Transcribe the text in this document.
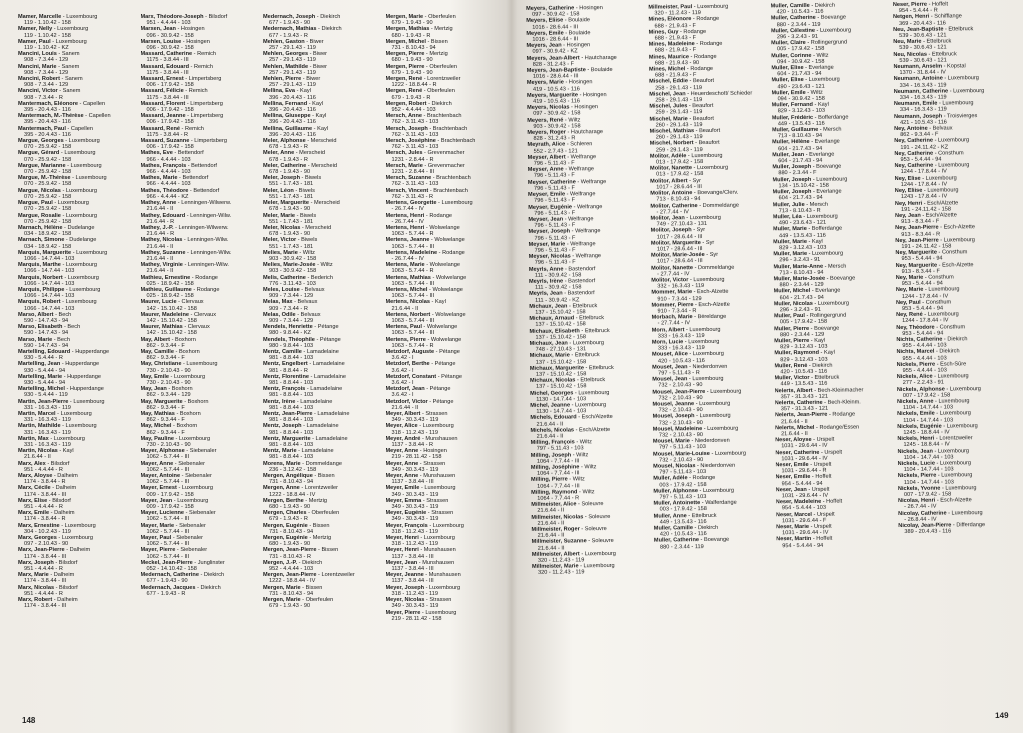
Mamer, Marcelle - Luxembourg
119 - 1.10.42 - 158
Mamer, Nelly - Luxembourg
119 - 1.10.42 - 158
Mamer, Paul - Luxembourg
119 - 1.10.42 - KZ
Mancini, Louis - Sanem
908 - 7.3.44 - 129
Mancini, Marie - Sanem
908 - 7.3.44 - 129
Mancini, Robert - Sanem
908 - 7.3.44 - 129
Mancini, Victor - Sanem
908 - 7.3.44 - R
Mantermach, Eléonore - Capellen
395 - 20.4.43 - 116
Mantermach, M.-Thérèse - Capellen
395 - 20.4.43 - 116
Mantermach, Paul - Capellen
395 - 20.4.43 - 116
Margue, Georges - Luxembourg
070 - 25.9.42 - 158
Margue, Gérard - Luxembourg
070 - 25.9.42 - 158
Margue, Marianne - Luxembourg
070 - 25.9.42 - 158
Margue, M.-Thérèse - Luxembourg
070 - 25.9.42 - 158
Margue, Nicolas - Luxembourg
070 - 25.9.42 - 158
Margue, Paul - Luxembourg
070 - 25.9.42 - 158
Margue, Rosalie - Luxembourg
070 - 25.9.42 - 158
Marnach, Hélène - Dudelange
034 - 18.9.42 - 158
Marnach, Simone - Dudelange
034 - 18.9.42 - 158
Marquis, Marguerite - Luxembourg
1066 - 14.7.44 - 103
Marquis, Marthe - Luxembourg
1066 - 14.7.44 - 103
Marquis, Norbert - Luxembourg
1066 - 14.7.44 - 103
Marquis, Philippe - Luxembourg
1066 - 14.7.44 - 103
Marquis, Robert - Luxembourg
1066 - 14.7.44 - 103
Marso, Albert - Bech
590 - 14.7.43 - 94
Marso, Elisabeth - Bech
590 - 14.7.43 - 94
Marso, Marie - Bech
590 - 14.7.43 - 94
Martelling, Edouard - Hupperdange
930 - 5.4.44 - R
Martelling, Jean - Hupperdange
930 - 5.4.44 - 94
Martelling, Marie - Hupperdange
930 - 5.4.44 - 94
Martelling, Michel - Hupperdange
930 - 5.4.44 - 119
Martin, Jean-Pierre - Luxembourg
331 - 16.3.43 - 119
Martin, Marcel - Luxembourg
331 - 16.3.43 - 119
Martin, Mathilde - Luxembourg
331 - 16.3.43 - 119
Martin, Max - Luxembourg
331 - 16.3.43 - 119
Martin, Nicolas - Kayl
21.6.44 - II
Marx, Alex - Bilsdorf
951 - 4.4.44 - R
Marx, Aloyse - Dalheim
1174 - 3.8.44 - R
Marx, Cécile - Dalheim
1174 - 3.8.44 - III
Marx, Elise - Bilsdorf
951 - 4.4.44 - R
Marx, Emile - Dalheim
1174 - 3.8.44 - R
Marx, Ernestine - Luxembourg
304 - 10.2.43 - 119
Marx, Georges - Luxembourg
097 - 2.10.43 - 90
Marx, Jean-Pierre - Dalheim
1174 - 3.8.44 - III
Marx, Joseph - Bilsdorf
951 - 4.4.44 - R
Marx, Marie - Dalheim
1174 - 3.8.44 - III
Marx, Nicolas - Bilsdorf
951 - 4.4.44 - R
Marx, Robert - Dalheim
1174 - 3.8.44 - III
Marx, Théodore-Joseph - Bilsdorf
951 - 4.4.44 - 103
Marxen, Jean - Hosingen
096 - 30.9.42 - 158
Marxen, Louise - Hosingen
096 - 30.9.42 - 158
Massard, Catherine - Remich
1175 - 3.8.44 - III
Massard, Edouard - Remich
1175 - 3.8.44 - III
Massard, Ernest - Limpertsberg
006 - 17.9.42 - 158
Massard, Félicie - Remich
1175 - 3.8.44 - III
Massard, Florent - Limpertsberg
006 - 17.9.42 - 158
Massard, Jeanne - Limpertsberg
006 - 17.9.42 - 158
Massard, René - Remich
1175 - 3.8.44 - R
Massard, Suzanne - Limpertsberg
006 - 17.9.42 - 158
Mathes, Eve - Bettendorf
966 - 4.4.44 - 103
Mathes, François - Bettendorf
966 - 4.4.44 - 103
Mathes, Marie - Bettendorf
966 - 4.4.44 - 103
Mathes, Théodore - Bettendorf
966 - 4.4.44 - KZ
Mathey, Anne - Lenningen-Wilwerw.
21.6.44 - II
Mathey, Edouard - Lenningen-Wilw.
21.6.44 - R
Mathey, J.-P. - Lenningen-Wilwerw.
21.6.44 - R
Mathey, Nicolas - Lenningen-Wilw.
21.6.44 - II
Mathey, Suzanne - Lenningen-Wilw.
21.6.44 - II
Mathey, Virginie - Lenningen-Wilw.
21.6.44 - II
Mathieu, Ernestine - Rodange
025 - 18.9.42 - 158
Mathieu, Guillaume - Rodange
025 - 18.9.42 - 158
Maurer, Lucie - Clervaux
142 - 15.10.42 - 158
Maurer, Madeleine - Clervaux
142 - 15.10.42 - 158
Maurer, Mathias - Clervaux
142 - 15.10.42 - 158
May, Albert - Boxhorn
862 - 9.3.44 - F
May, Camille - Boxhorn
862 - 9.3.44 - F
May, Christiane - Luxembourg
730 - 2.10.43 - 90
May, Emile - Luxembourg
730 - 2.10.43 - 90
May, Jean - Boxhorn
862 - 9.3.44 - 129
May, Marguerite - Boxhorn
862 - 9.3.44 - F
May, Mathias - Boxhorn
862 - 9.3.44 - F
May, Michel - Boxhorn
862 - 9.3.44 - F
May, Pauline - Luxembourg
730 - 2.10.43 - 90
Mayer, Alphonse - Siebenaler
1062 - 5.7.44 - III
Mayer, Anne - Siebenaler
1062 - 5.7.44 - III
Mayer, Antoine - Siebenaler
1062 - 5.7.44 - III
Mayer, Ernest - Luxembourg
009 - 17.9.42 - 158
Mayer, Jean - Luxembourg
009 - 17.9.42 - 158
Mayer, Lucienne - Siebenaler
1062 - 5.7.44 - III
Mayer, Marie - Siebenaler
1062 - 5.7.44 - III
Mayer, Paul - Siebenaler
1062 - 5.7.44 - III
Mayer, Pierre - Siebenaler
1062 - 5.7.44 - III
Meckel, Jean-Pierre - Junglinster
052 - 14.10.42 - 158
Medernach, Catherine - Diekirch
677 - 1.9.43 - 90
Medernach, Jacques - Diekirch
677 - 1.9.43 - R
Medernach, Joseph - Diekirch
677 - 1.9.43 - 90
Medernach, Mathias - Diekirch
677 - 1.9.43 - R
Mehlen, Gaston - Biwer
257 - 29.1.43 - 119
Mehlen, Georges - Biwer
257 - 29.1.43 - 119
Mehlen, Mathilde - Biwer
257 - 29.1.43 - 119
Mehlen, Pierre - Biwer
257 - 29.1.43 - 119
Mellina, Eva - Kayl
396 - 20.4.43 - 116
Mellina, Fernand - Kayl
396 - 20.4.43 - 116
Mellina, Giuseppe - Kayl
396 - 20.4.43 - 116
Mellina, Guillaume - Kayl
396 - 20.4.43 - 116
Meler, Alphonse - Merscheid
678 - 1.9.43 - R
Meler, Anne - Merscheid
678 - 1.9.43 - R
Meler, Catherine - Merscheid
678 - 1.9.43 - 90
Meler, Joseph - Biwels
551 - 1.7.43 - 181
Meler, Léon - Biwels
551 - 1.7.43 - 181
Meler, Marguerite - Merscheid
678 - 1.9.43 - 90
Meler, Marie - Biwels
551 - 1.7.43 - 181
Meler, Nicolas - Merscheid
678 - 1.9.43 - 90
Meler, Victor - Biwels
551 - 1.7.43 - 181
Melies, Marie - Wiltz
903 - 30.9.42 - 158
Melies, Marie-Josée - Wiltz
903 - 30.9.42 - 158
Melis, Catherine - Bederich
776 - 3.11.43 - 103
Meles, Louise - Belvaux
909 - 7.3.44 - 129
Melas, Max - Belvaux
909 - 7.3.44 - R
Melas, Odile - Belvaux
909 - 7.3.44 - 129
Mendels, Henriette - Pétange
980 - 9.8.44 - KZ
Mendels, Théophile - Pétange
980 - 9.8.44 - 103
Mentz, Camille - Lamadelaine
981 - 8.8.44 - 103
Mentz, Engelbert - Lamadelaine
981 - 8.8.44 - R
Mentz, Florentine - Lamadelaine
981 - 8.8.44 - 103
Mentz, François - Lamadelaine
981 - 8.8.44 - 103
Mentz, Irène - Lamadelaine
981 - 8.8.44 - 103
Mentz, Jean-Pierre - Lamadelaine
981 - 8.8.44 - 103
Mentz, Joseph - Lamadelaine
981 - 8.8.44 - 103
Mentz, Marguerite - Lamadelaine
981 - 8.8.44 - 103
Mentz, Marie - Lamadelaine
981 - 8.8.44 - 103
Morens, Marie - Dommeldange
236 - 3.12.42 - 158
Mergen, Angélique - Bissen
731 - 8.10.43 - 94
Mergen, Anne - Lorentzweiler
1222 - 18.8.44 - IV
Mergen, Berthe - Mertzig
680 - 1.9.43 - 90
Mergen, Charles - Oberfeulen
679 - 1.9.43 - R
Mergen, Eugénie - Bissen
731 - 8.10.43 - 94
Mergen, Eugénie - Mertzig
680 - 1.9.43 - 90
Mergen, Jean-Pierre - Bissen
731 - 8.10.43 - R
Mergen, J.-P. - Diekirch
952 - 4.4.44 - 103
Mergen, Jean-Pierre - Lorentzweiler
1222 - 18.8.44 - IV
Mergen, Marie - Bissen
731 - 8.10.43 - 94
Mergen, Marie - Oberfeulen
679 - 1.9.43 - 90
Mergen, Marie - Oberfeulen
679 - 1.9.43 - 90
Mergen, Mathias - Mertzig
680 - 1.9.43 - R
Mergen, Michel - Bissen
731 - 8.10.43 - 94
Mergen, Pierre - Mertzig
680 - 1.9.43 - 90
Mergen, Pierre - Oberfeulen
679 - 1.9.43 - 90
Mergen, René - Lorentzweiler
1222 - 18.8.44 - R
Mergen, René - Oberfeulen
679 - 1.9.43 - R
Mergen, Robert - Diekirch
952 - 4.4.44 - 103
Mersch, Anne - Brachtenbach
762 - 3.11.43 - 103
Mersch, Joseph - Brachtenbach
762 - 3.11.43 - 103
Mersch, Joséphine - Brachtenbach
762 - 3.11.43 - 103
Mersch, Jules - Grevenmacher
1231 - 2.8.44 - R
Mersch, Marie - Grevenmacher
1231 - 2.8.44 - III
Mersch, Suzanne - Brachtenbach
762 - 3.11.43 - 103
Mersch, Vincent - Brachtenbach
762 - 3.11.43 - R
Mertens, Georgette - Luxembourg
- 26.7.44 - IV
Mertens, Henri - Rodange
- 26.7.44 - IV
Mertens, Henri - Wolwelange
1063 - 5.7.44 - R
Mertens, Jeanne - Wolwelange
1063 - 5.7.44 - III
Mertens, Madeleine - Rodange
- 26.7.44 - IV
Mertens, Marie - Wolwelange
1063 - 5.7.44 - R
Mertens, Mathias - Wolwelange
1063 - 5.7.44 - III
Mertens, Michel - Wolwelange
1063 - 5.7.44 - III
Mertens, Nicolas - Kayl
21.6.44 - II
Mertens, Norbert - Wolwelange
1063 - 5.7.44 - III
Mertens, Paul - Wolwelange
1063 - 5.7.44 - III
Mertens, Pierre - Wolwelange
1063 - 5.7.44 - R
Metzdorf, Auguste - Pétange
3.6.42 - I
Metzdorf, Berthe - Pétange
3.6.42 - I
Metzdorf, Constant - Pétange
3.6.42 - I
Metzdorf, Jean - Pétange
3.6.42 - I
Metzdorf, Victor - Pétange
21.6.44 - II
Meyer, Albert - Strassen
349 - 30.3.43 - 119
Meyer, Alice - Luxembourg
318 - 11.2.43 - 119
Meyer, André - Munshausen
1137 - 3.8.44 - R
Meyer, Anne - Hosingen
219 - 28.11.42 - 158
Meyer, Anne - Strassen
349 - 30.3.43 - 119
Meyer, Anne - Munshausen
1137 - 3.8.44 - III
Meyer, Emile - Luxembourg
349 - 30.3.43 - 119
Meyer, Emma - Strassen
349 - 30.3.43 - 119
Meyer, Eugénie - Strassen
349 - 30.3.43 - 119
Meyer, François - Luxembourg
318 - 11.2.43 - 119
Meyer, Henri - Luxembourg
318 - 11.2.43 - 119
Meyer, Henri - Munshausen
1137 - 3.8.44 - III
Meyer, Jean - Munshausen
1137 - 3.8.44 - III
Meyer, Jeanne - Munshausen
1137 - 3.8.44 - III
Meyer, Joseph - Luxembourg
318 - 11.2.43 - 119
Meyer, Nicolas - Strassen
349 - 30.3.43 - 119
Meyer, Pierre - Luxembourg
219 - 28.11.42 - 158
148
Meyers, Catherine - Hosingen
097 - 30.9.42 - 158
Meyers, Eliise - Boulaide
1016 - 28.6.44 - III
Meyers, Emile - Boulaide
1016 - 28.6.44 - III
Meyers, Jean - Hosingen
097 - 30.9.42 - KZ
Meyers, Jean-Albert - Hautcharage
828 - 31.2.43 - F
Meyers, Jean-Baptiste - Boulaide
1016 - 28.6.44 - III
Meyers, Marie - Hosingen
419 - 10.5.43 - 116
Meyers, Marguerite - Hosingen
419 - 10.5.43 - 116
Meyers, Nicolas - Hosingen
097 - 30.9.42 - 158
Meyers, René - Wiltz
903 - 30.9.42 - 158
Meyers, Roger - Hautcharage
828 - 31.2.43 - R
Meyrath, Alice - Schleren
552 - 2.7.43 - 121
Meyser, Albert - Welfrange
796 - 5.11.43 - F
Meyser, Anne - Welfrange
796 - 5.11.43 - F
Meyser, Catherine - Welfrange
796 - 5.11.43 - F
Meyser, Emile - Welfrange
796 - 5.11.43 - F
Meyser, Eugénie - Welfrange
796 - 5.11.43 - F
Meyser, Jean - Welfrange
796 - 5.11.43 - F
Meyser, Joseph - Welfrange
796 - 5.11.43 - F
Meyser, Marie - Welfrange
796 - 5.11.43 - F
Meyser, Nicolas - Welfrange
796 - 5.11.43 - F
Meyrls, Anne - Bastendorf
111 - 30.9.42 - 158
Meyrls, Irène - Bastendorf
111 - 30.9.42 - 158
Meyrls, Jean - Bastendorf
111 - 30.9.42 - KZ
Michaux, Jean - Ettelbruck
137 - 15.10.42 - 158
Michaux, Arnaud - Ettelbruck
137 - 15.10.42 - 158
Michaux, Elisabeth - Ettelbruck
137 - 15.10.42 - 158
Michaux, Jean - Luxembourg
748 - 27.10.43 - 131
Michaux, Marie - Ettelbruck
137 - 15.10.42 - 158
Michaux, Marguerite - Ettelbruck
137 - 15.10.42 - 158
Michaux, Nicolas - Ettelbruck
137 - 15.10.42 - 158
Michel, Georges - Luxembourg
1130 - 14.7.44 - 103
Michel, Jeanne - Luxembourg
1130 - 14.7.44 - 103
Michels, Edouard - Esch/Alzette
21.6.44 - II
Michels, Nicolas - Esch/Alzette
21.6.44 - II
Milling, François - Wiltz
797 - 5.11.43 - 103
Milling, Joseph - Wiltz
1064 - 7.7.44 - III
Milling, Joséphine - Wiltz
1064 - 7.7.44 - III
Milling, Pierre - Wiltz
1064 - 7.7.44 - III
Milling, Raymond - Wiltz
1064 - 7.7.44 - R
Millmeister, Alice - Soleuvre
21.6.44 - II
Millmeister, Nicolas - Soleuvre
21.6.44 - II
Millmeister, Roger - Soleuvre
21.6.44 - II
Millmeister, Suzanne - Soleuvre
21.6.44 - II
Millmeister, Albert - Luxembourg
320 - 11.2.43 - 119
Millmeister, Marie - Luxembourg
320 - 11.2.43 - 119
Millmeister, Paul - Luxembourg
320 - 11.2.43 - 119
Mines, Eléonore - Rodange
688 - 21.9.43 - F
Mines, Guy - Rodange
688 - 21.9.43 - F
Mines, Madeleine - Rodange
688 - 21.9.43 - F
Mines, Maurice - Rodange
688 - 21.9.43 - 90
Mines, Michel - Rodange
688 - 21.9.43 - F
Mischel, Eddie - Beaufort
258 - 29.1.43 - 119
Mischel, Jean - Heuerdeschott/ Schieder
258 - 29.1.43 - 119
Mischel, Jules - Beaufort
259 - 29.1.43 - 119
Mischel, Marie - Beaufort
260 - 29.1.43 - 119
Mischel, Mathias - Beaufort
260 - 29.1.43 - 119
Mischel, Norbert - Beaufort
259 - 29.1.43 - 119
Molitor, Adèle - Luxembourg
013 - 17.9.42 - 158
Molitor, Nanette - Luxembourg
013 - 17.9.42 - 158
Molitor, Albert - Syr
1017 - 28.6.44 - III
Molitor, Antoine - Boevange/Clerv.
713 - 8.10.43 - 94
Molitor, Catherine - Dommeldange
- 27.7.44 - IV
Molitor, Jean - Luxembourg
749 - 27.10.43 - 131
Molitor, Joseph - Syr
1017 - 28.6.44 - III
Molitor, Marguerite - Syr
1017 - 28.6.44 - III
Molitor, Marie-Josée - Syr
1017 - 28.6.44 - III
Molitor, Nanette - Dommeldange
- 27.7.44 - IV
Molitor, Victor - Luxembourg
332 - 16.3.43 - 119
Mommer, Marie - Esch-Alzette
910 - 7.3.44 - 129
Mommer, Pierre - Esch-Alzette
910 - 7.3.44 - R
Morbach, Marie - Béreldange
- 27.7.44 - IV
Morn, Albert - Luxembourg
333 - 16.3.43 - 119
Morn, Lucie - Luxembourg
333 - 16.3.43 - 119
Mouset, Alice - Luxembourg
420 - 10.5.43 - 116
Mouset, Jean - Niederdonven
797 - 5.11.43 - R
Mousel, Jean - Luxembourg
732 - 2.10.43 - 90
Mousel, Jean-Pierre - Luxembourg
732 - 2.10.43 - 90
Mousel, Jeanne - Luxembourg
732 - 2.10.43 - 90
Mousel, Joseph - Luxembourg
732 - 2.10.43 - 90
Mousel, Madeleine - Luxembourg
732 - 2.10.43 - 90
Mousel, Marie - Niederdonven
797 - 5.11.43 - 103
Mousel, Marie-Louise - Luxembourg
732 - 2.10.43 - 90
Mousel, Nicolas - Niederdonven
797 - 5.11.43 - 103
Muller, Adèle - Rodange
003 - 17.9.42 - 158
Muller, Alphonse - Luxembourg
797 - 5.11.43 - 103
Muller, Antoinette - Walferdange
003 - 17.9.42 - 158
Muller, Anne - Ettelbruck
449 - 13.5.43 - 116
Muller, Camille - Diekirch
420 - 10.5.43 - 116
Muller, Catherine - Boevange
880 - 2.3.44 - 119
Muller, Camille - Diekirch
420 - 10.5.43 - 116
Muller, Catherine - Boevange
880 - 2.3.44 - 119
Muller, Célestine - Luxembourg
296 - 3.2.43 - 91
Muller, Claire - Rollingergrund
005 - 17.9.42 - 158
Muller, Corinne - Wiltz
094 - 30.9.42 - 158
Muller, Elise - Everlange
604 - 21.7.43 - 94
Muller, Elise - Luxembourg
490 - 23.6.43 - 121
Muller, Emile - Wiltz
094 - 30.9.42 - 158
Muller, Fernand - Kayl
829 - 3.12.43 - 103
Muller, Frédéric - Bofferdange
449 - 13.5.43 - 116
Muller, Guillaume - Mersch
713 - 8.10.43 - 94
Muller, Hélène - Everlange
604 - 21.7.43 - 94
Muller, Jean - Everlange
604 - 21.7.43 - 94
Muller, Joseph - Boevange
880 - 2.3.44 - F
Muller, Joseph - Luxembourg
134 - 15.10.42 - 158
Muller, Joseph - Everlange
604 - 21.7.43 - 94
Muller, Julie - Mersch
713 - 8.10.43 - R
Muller, Léa - Luxembourg
490 - 23.6.43 - 121
Muller, Marie - Bofferdange
449 - 13.5.43 - 116
Muller, Marie - Kayl
829 - 3.12.43 - 103
Muller, Marie - Luxembourg
296 - 3.2.43 - 91
Muller, Marie-Anne - Mersch
713 - 8.10.43 - 94
Muller, Marie-Josée - Boevange
880 - 2.3.44 - 129
Muller, Michel - Everlange
604 - 21.7.43 - 94
Muller, Nicolas - Luxembourg
296 - 3.2.43 - 91
Muller, Paul - Rollingergrund
005 - 17.9.42 - 158
Muller, Pierre - Boevange
880 - 2.3.44 - 129
Muller, Pierre - Kayl
829 - 3.12.43 - 103
Muller, Raymond - Kayl
829 - 3.12.43 - 103
Muller, René - Diekirch
420 - 10.5.43 - 116
Muller, Victor - Ettelbruck
449 - 13.5.43 - 116
Nelerts, Albert - Bech-Kleinmacher
357 - 31.3.43 - 121
Nelerts, Catherine - Bech-Kleinm.
357 - 31.3.43 - 121
Nelerts, Jean-Pierre - Rodange
21.6.44 - II
Nelerts, Michel - Rodange/Essen
21.6.44 - II
Neser, Aloyse - Urspelt
1031 - 29.6.44 - IV
Neser, Catherine - Urspelt
1031 - 29.6.44 - IV
Neser, Emile - Urspelt
1031 - 29.6.44 - R
Neser, Emilie - Hoffelt
954 - 5.4.44 - 94
Neser, Jean - Urspelt
1031 - 29.6.44 - IV
Neser, Madeleine - Hoffelt
954 - 5.4.44 - 103
Neser, Marcel - Urspelt
1031 - 29.6.44 - F
Neser, Marie - Urspelt
1031 - 29.6.44 - IV
Neser, Martin - Hoffelt
954 - 5.4.44 - 94
Neser, Pierre - Hoffelt
954 - 5.4.44 - R
Netgen, Henri - Schifflange
369 - 20.4.43 - 116
Neu, Jean-Baptiste - Ettelbruck
539 - 30.6.43 - 121
Neu, Marie - Ettelbruck
539 - 30.6.43 - 121
Neu, Nicolas - Ettelbruck
539 - 30.6.43 - 121
Neumann, Anselm - Kopstal
1370 - 31.8.44 - IV
Neumann, Antoine - Luxembourg
334 - 16.3.43 - 119
Neumann, Catherine - Luxembourg
334 - 16.3.43 - 119
Neumann, Emile - Luxembourg
334 - 16.3.43 - 119
Neumann, Joseph - Troisvierges
421 - 10.5.43 - 116
Ney, Antoine - Belvaux
862 - 9.3.44 - F
Ney, Catherine - Luxembourg
191 - 24.11.42 - KZ
Ney, Catherine - Consthum
953 - 5.4.44 - 94
Ney, Catherine - Luxembourg
1244 - 17.8.44 - IV
Ney, Elise - Luxembourg
1244 - 17.8.44 - IV
Ney, Eliise - Luxembourg
1243 - 17.8.44 - IV
Ney, Henri - Esch/Alzette
191 - 24.11.42 - 158
Ney, Jean - Esch/Alzette
913 - 8.3.44 - F
Ney, Jean-Pierre - Esch-Alzette
913 - 8.3.44 - R
Ney, Jean-Pierre - Luxembourg
191 - 24.11.42 - 158
Ney, Marguerite - Consthum
953 - 5.4.44 - 94
Ney, Marguerite - Esch-Alzette
913 - 8.3.44 - F
Ney, Marie - Consthum
953 - 5.4.44 - 94
Ney, Marie - Luxembourg
1244 - 17.8.44 - IV
Ney, Paul - Consthum
953 - 5.4.44 - 94
Ney, René - Luxembourg
1244 - 17.8.44 - IV
Ney, Théodore - Consthum
953 - 5.4.44 - 94
Nichts, Catherine - Diekirch
955 - 4.4.44 - 103
Nichts, Marcel - Diekirch
955 - 4.4.44 - 103
Nickels, Pierre - Esch-Sûre
955 - 4.4.44 - 103
Nickels, Alice - Luxembourg
277 - 2.2.43 - 91
Nickels, Alphonse - Luxembourg
007 - 17.9.42 - 158
Nickels, Anne - Luxembourg
1104 - 14.7.44 - 103
Nickels, Emile - Luxembourg
1104 - 14.7.44 - 103
Nickels, Eugénie - Luxembourg
1245 - 18.8.44 - IV
Nickels, Henri - Lorentzweiler
1245 - 18.8.44 - IV
Nickels, Jean - Luxembourg
1104 - 14.7.44 - 103
Nickels, Lucie - Luxembourg
1104 - 14.7.44 - 103
Nickels, Pierre - Luxembourg
1104 - 14.7.44 - 103
Nickels, Yvonne - Luxembourg
007 - 17.9.42 - 158
Nicolas, Henri - Esch-Alzette
- 26.7.44 - IV
Nicolay, Catherine - Luxembourg
- 26.8.44 - IV
Nicolay, Jean-Pierre - Differdange
389 - 20.4.43 - 116
149
